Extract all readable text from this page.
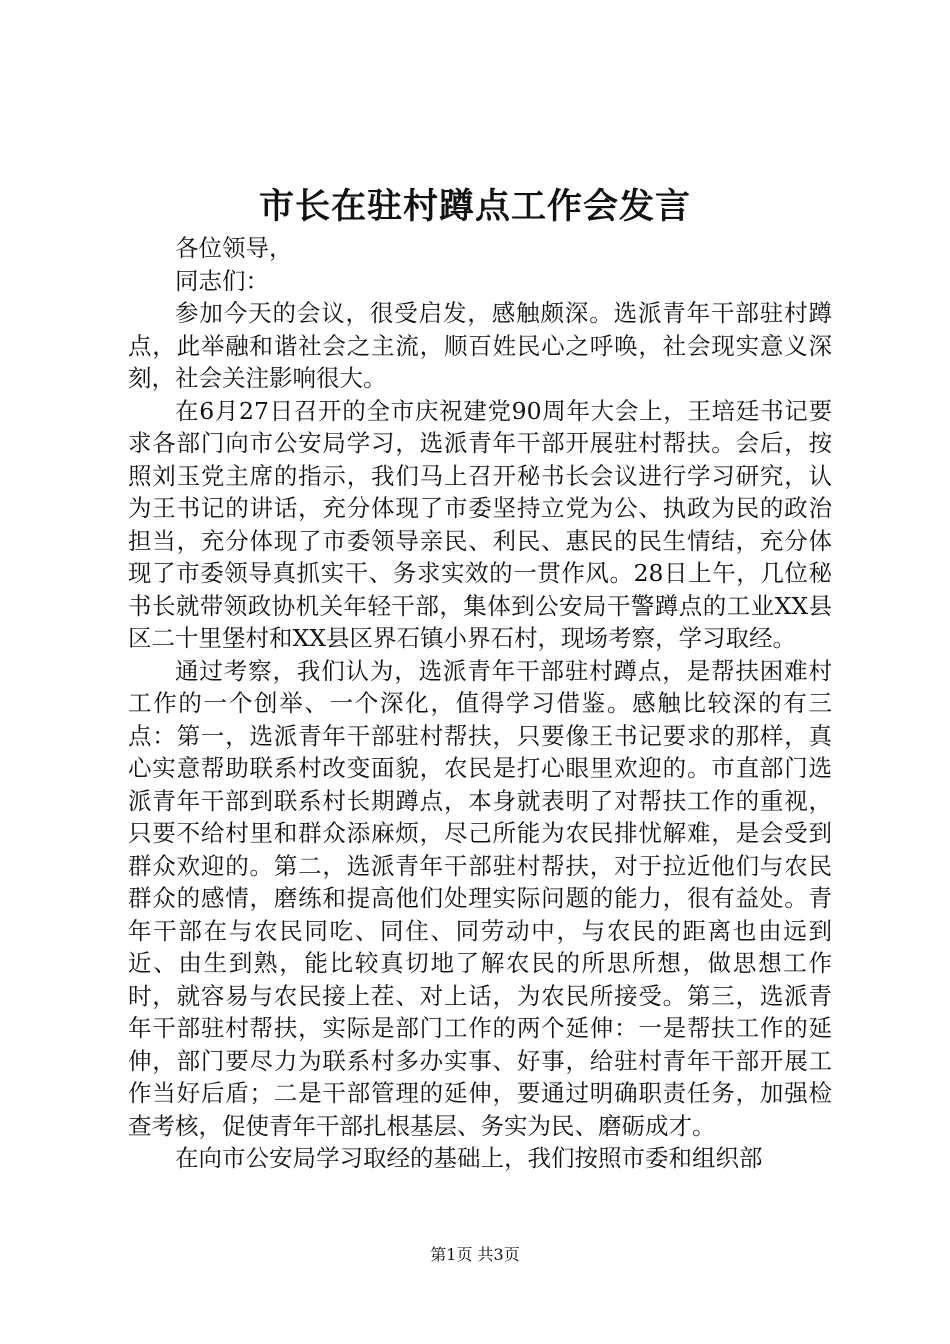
市长在驻村蹲点工作会发言

各位领导，

同志们：

参加今天的会议，很受启发，感触颇深。选派青年干部驻村蹲点，此举融和谐社会之主流，顺百姓民心之呼唤，社会现实意义深刻，社会关注影响很大。

在6月27日召开的全市庆祝建党90周年大会上，王培廷书记要求各部门向市公安局学习，选派青年干部开展驻村帮扶。会后，按照刘玉党主席的指示，我们马上召开秘书长会议进行学习研究，认为王书记的讲话，充分体现了市委坚持立党为公、执政为民的政治担当，充分体现了市委领导亲民、利民、惠民的民生情结，充分体现了市委领导真抓实干、务求实效的一贯作风。28日上午，几位秘书长就带领政协机关年轻干部，集体到公安局干警蹲点的工业XX县区二十里堡村和XX县区界石镇小界石村，现场考察，学习取经。

通过考察，我们认为，选派青年干部驻村蹲点，是帮扶困难村工作的一个创举、一个深化，值得学习借鉴。感触比较深的有三点：第一，选派青年干部驻村帮扶，只要像王书记要求的那样，真心实意帮助联系村改变面貌，农民是打心眼里欢迎的。市直部门选派青年干部到联系村长期蹲点，本身就表明了对帮扶工作的重视，只要不给村里和群众添麻烦，尽己所能为农民排忧解难，是会受到群众欢迎的。第二，选派青年干部驻村帮扶，对于拉近他们与农民群众的感情，磨练和提高他们处理实际问题的能力，很有益处。青年干部在与农民同吃、同住、同劳动中，与农民的距离也由远到近、由生到熟，能比较真切地了解农民的所思所想，做思想工作时，就容易与农民接上茬、对上话，为农民所接受。第三，选派青年干部驻村帮扶，实际是部门工作的两个延伸：一是帮扶工作的延伸，部门要尽力为联系村多办实事、好事，给驻村青年干部开展工作当好后盾；二是干部管理的延伸，要通过明确职责任务，加强检查考核，促使青年干部扎根基层、务实为民、磨砺成才。

在向市公安局学习取经的基础上，我们按照市委和组织部

第1页 共3页
